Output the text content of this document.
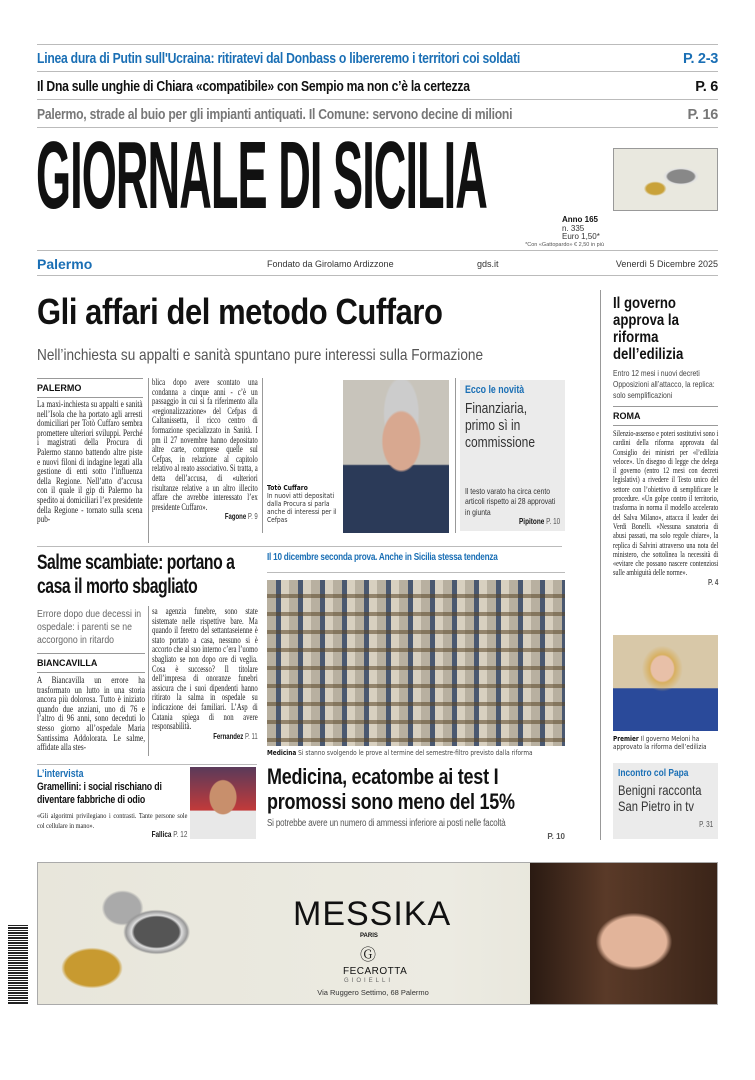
Linea dura di Putin sull'Ucraina: ritiratevi dal Donbass o libereremo i territori coi soldati	P. 2-3
Il Dna sulle unghie di Chiara «compatibile» con Sempio ma non c’è la certezza	P. 6
Palermo, strade al buio per gli impianti antiquati. Il Comune: servono decine di milioni	P. 16
GIORNALE DI SICILIA	Anno 165
n. 335
Euro 1,50*
*Con «Gattopardo» € 2,50 in più
Palermo	Fondato da Girolamo Ardizzone	gds.it	Venerdì 5 Dicembre 2025
Gli affari del metodo Cuffaro
Nell’inchiesta su appalti e sanità spuntano pure interessi sulla Formazione
PALERMO
La maxi-inchiesta su appalti e sanità nell’Isola che ha portato agli arresti domiciliari per Totò Cuffaro sembra promettere ulteriori sviluppi. Perché i magistrati della Procura di Palermo stanno battendo altre piste e nuovi filoni di indagine legati alla gestione di enti sotto l’influenza della Regione. Nell’atto d’accusa con il quale il gip di Palermo ha spedito ai domiciliari l’ex presidente della Regione - tornato sulla scena pub-
blica dopo avere scontato una condanna a cinque anni - c’è un passaggio in cui si fa riferimento alla «regionalizzazione» del Cefpas di Caltanissetta, il ricco centro di formazione specializzato in Sanità. I pm il 27 novembre hanno depositato altre carte, comprese quelle sul Cefpas, in relazione al capitolo relativo al reato associativo. Si tratta, a detta dell’accusa, di «ulteriori risultanze relative a un altro illecito affare che avrebbe interessato l’ex presidente Cuffaro».
Fagone P. 9
Totò Cuffaro
In nuovi atti depositati dalla Procura si parla anche di interessi per il Cefpas
Ecco le novità
Finanziaria, primo sì in commissione
Il testo varato ha circa cento articoli rispetto ai 28 approvati in giunta
Pipitone P. 10
Salme scambiate: portano a casa il morto sbagliato
Errore dopo due decessi in ospedale: i parenti se ne accorgono in ritardo
BIANCAVILLA
A Biancavilla un errore ha trasformato un lutto in una storia ancora più dolorosa. Tutto è iniziato quando due anziani, uno di 76 e l’altro di 96 anni, sono deceduti lo stesso giorno all’ospedale Maria Santissima Addolorata. Le salme, affidate alla stes-
sa agenzia funebre, sono state sistemate nelle rispettive bare. Ma quando il feretro del settantaseienne è stato portato a casa, nessuno si è accorto che al suo interno c’era l’uomo sbagliato se non dopo ore di veglia. Cosa è successo? Il titolare dell’impresa di onoranze funebri assicura che i suoi dipendenti hanno ritirato la salma in ospedale su indicazione dei familiari. L’Asp di Catania spiega di non avere responsabilità.
Fernandez P. 11
Il 10 dicembre seconda prova. Anche in Sicilia stessa tendenza
Medicina Si stanno svolgendo le prove al termine del semestre-filtro previsto dalla riforma
Medicina, ecatombe ai test I promossi sono meno del 15%
Si potrebbe avere un numero di ammessi inferiore ai posti nelle facoltà
P. 10
L’intervista
Gramellini: i social rischiano di diventare fabbriche di odio
«Gli algoritmi privilegiano i contrasti. Tante persone sole col cellulare in mano».
Fallica P. 12
Il governo approva la riforma dell’edilizia
Entro 12 mesi i nuovi decreti Opposizioni all’attacco, la replica: solo semplificazioni
ROMA
Silenzio-assenso e poteri sostitutivi sono i cardini della riforma approvata dal Consiglio dei ministri per «l’edilizia veloce». Un disegno di legge che delega il governo (entro 12 mesi con decreti legislativi) a rivedere il Testo unico del settore con l’obiettivo di semplificare le procedure. «Un golpe contro il territorio, trasforma in norma il modello accelerato del Salva Milano», attacca il leader dei Verdi Bonelli. «Nessuna sanatoria di abusi passati, ma solo regole chiare», la replica di Salvini attraverso una nota del ministero, che sottolinea la necessità di «evitare che possano nascere contenziosi sulle ambiguità delle norme».
P. 4
Premier Il governo Meloni ha approvato la riforma dell’edilizia
Incontro col Papa
Benigni racconta San Pietro in tv
P. 31
MESSIKA
PARIS
Ⓖ
FECAROTTA
GIOIELLI
Via Ruggero Settimo, 68 Palermo
